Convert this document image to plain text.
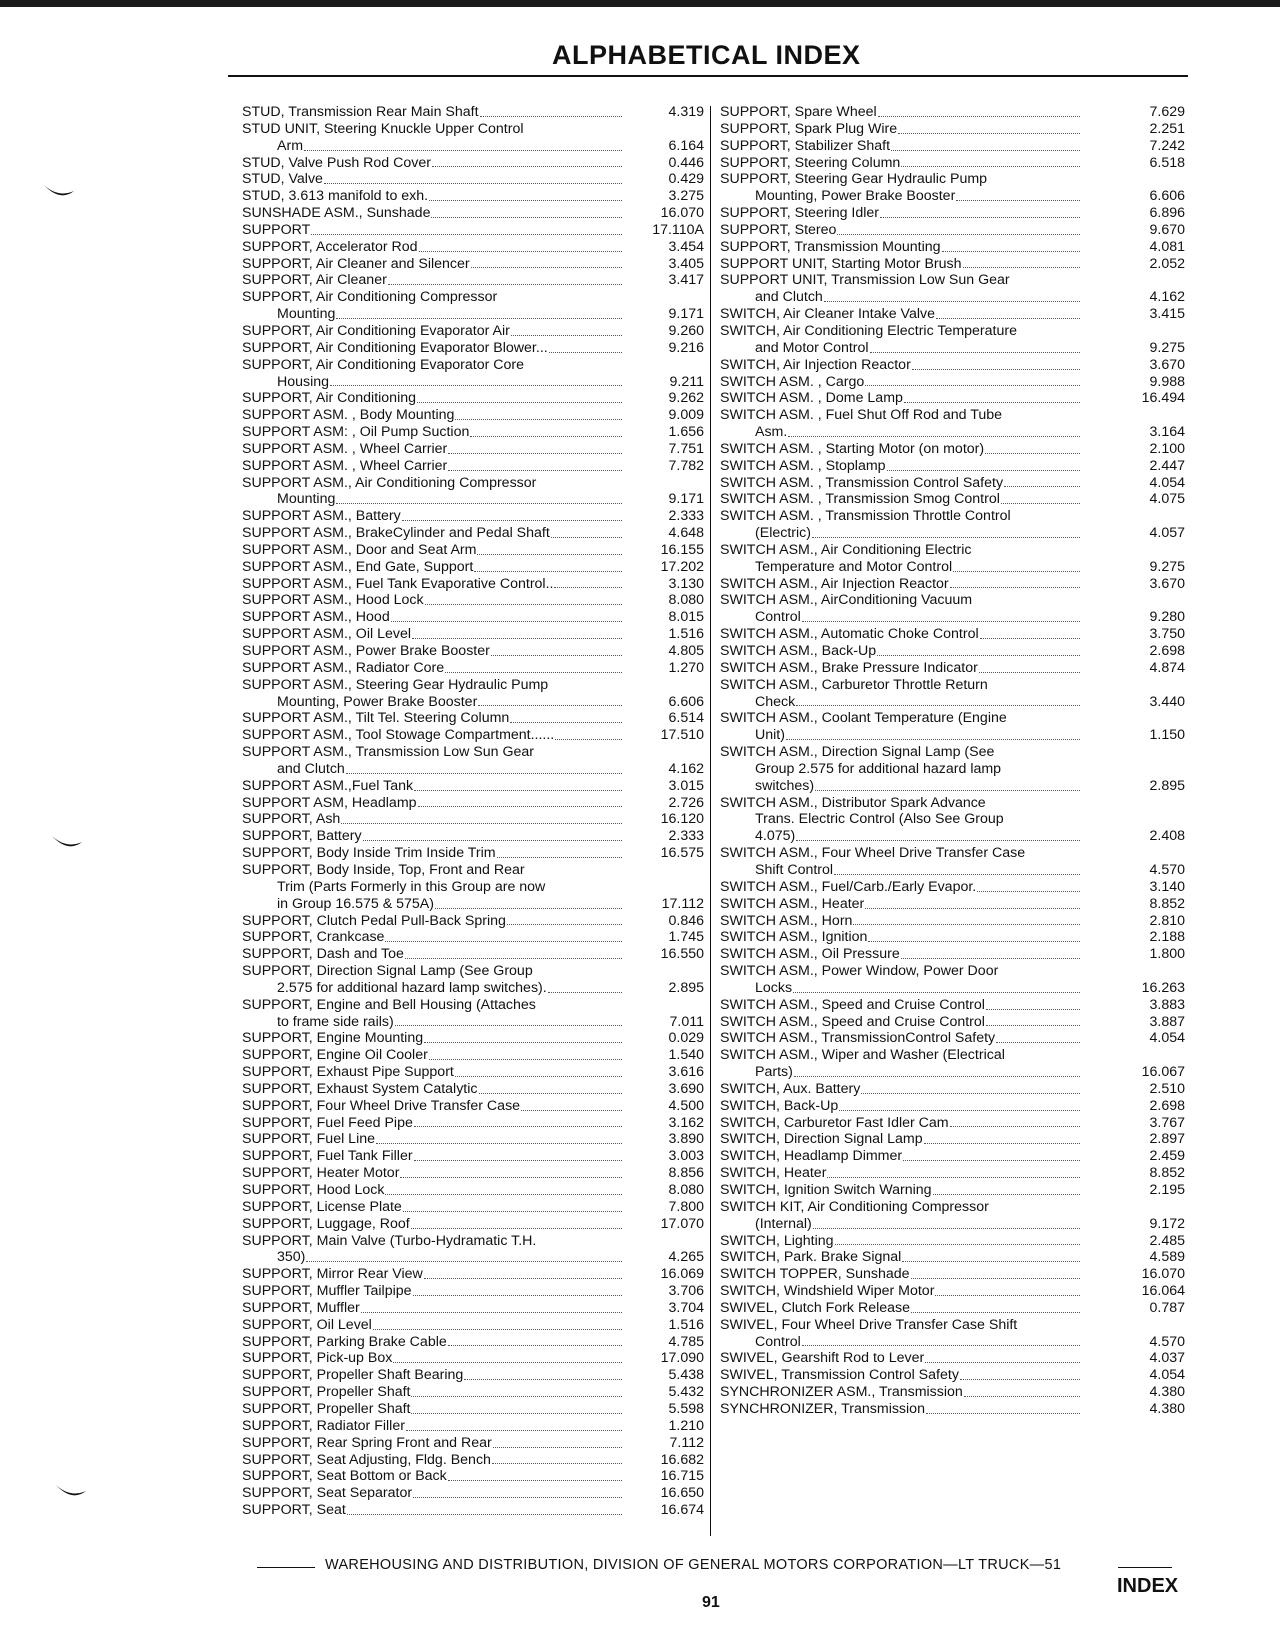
ALPHABETICAL INDEX
STUD, Transmission Rear Main Shaft	4.319
STUD UNIT, Steering Knuckle Upper Control
Arm	6.164
STUD, Valve Push Rod Cover	0.446
STUD, Valve	0.429
STUD, 3.613 manifold to exh.	3.275
SUNSHADE ASM., Sunshade	16.070
SUPPORT	17.110A
SUPPORT, Accelerator Rod	3.454
SUPPORT, Air Cleaner and Silencer	3.405
SUPPORT, Air Cleaner	3.417
SUPPORT, Air Conditioning Compressor
Mounting	9.171
SUPPORT, Air Conditioning Evaporator Air	9.260
SUPPORT, Air Conditioning Evaporator Blower...	9.216
SUPPORT, Air Conditioning Evaporator Core
Housing	9.211
SUPPORT, Air Conditioning	9.262
SUPPORT ASM. , Body Mounting	9.009
SUPPORT ASM: , Oil Pump Suction	1.656
SUPPORT ASM. , Wheel Carrier	7.751
SUPPORT ASM. , Wheel Carrier	7.782
SUPPORT ASM., Air Conditioning Compressor
Mounting	9.171
SUPPORT ASM., Battery	2.333
SUPPORT ASM., BrakeCylinder and Pedal Shaft	4.648
SUPPORT ASM., Door and Seat Arm	16.155
SUPPORT ASM., End Gate, Support	17.202
SUPPORT ASM., Fuel Tank Evaporative Control..	3.130
SUPPORT ASM., Hood Lock	8.080
SUPPORT ASM., Hood	8.015
SUPPORT ASM., Oil Level	1.516
SUPPORT ASM., Power Brake Booster	4.805
SUPPORT ASM., Radiator Core	1.270
SUPPORT ASM., Steering Gear Hydraulic Pump
Mounting, Power Brake Booster	6.606
SUPPORT ASM., Tilt Tel. Steering Column	6.514
SUPPORT ASM., Tool Stowage Compartment......	17.510
SUPPORT ASM., Transmission Low Sun Gear
and Clutch	4.162
SUPPORT ASM.,Fuel Tank	3.015
SUPPORT ASM, Headlamp	2.726
SUPPORT, Ash	16.120
SUPPORT, Battery	2.333
SUPPORT, Body Inside Trim Inside Trim	16.575
SUPPORT, Body Inside, Top, Front and Rear
Trim (Parts Formerly in this Group are now
in Group 16.575 & 575A)	17.112
SUPPORT, Clutch Pedal Pull-Back Spring	0.846
SUPPORT, Crankcase	1.745
SUPPORT, Dash and Toe	16.550
SUPPORT, Direction Signal Lamp (See Group
2.575 for additional hazard lamp switches).	2.895
SUPPORT, Engine and Bell Housing (Attaches
to frame side rails)	7.011
SUPPORT, Engine Mounting	0.029
SUPPORT, Engine Oil Cooler	1.540
SUPPORT, Exhaust Pipe Support	3.616
SUPPORT, Exhaust System Catalytic	3.690
SUPPORT, Four Wheel Drive Transfer Case	4.500
SUPPORT, Fuel Feed Pipe	3.162
SUPPORT, Fuel Line	3.890
SUPPORT, Fuel Tank Filler	3.003
SUPPORT, Heater Motor	8.856
SUPPORT, Hood Lock	8.080
SUPPORT, License Plate	7.800
SUPPORT, Luggage, Roof	17.070
SUPPORT, Main Valve (Turbo-Hydramatic T.H.
350)	4.265
SUPPORT, Mirror Rear View	16.069
SUPPORT, Muffler Tailpipe	3.706
SUPPORT, Muffler	3.704
SUPPORT, Oil Level	1.516
SUPPORT, Parking Brake Cable	4.785
SUPPORT, Pick-up Box	17.090
SUPPORT, Propeller Shaft Bearing	5.438
SUPPORT, Propeller Shaft	5.432
SUPPORT, Propeller Shaft	5.598
SUPPORT, Radiator Filler	1.210
SUPPORT, Rear Spring Front and Rear	7.112
SUPPORT, Seat Adjusting, Fldg. Bench	16.682
SUPPORT, Seat Bottom or Back	16.715
SUPPORT, Seat Separator	16.650
SUPPORT, Seat	16.674
SUPPORT, Spare Wheel	7.629
SUPPORT, Spark Plug Wire	2.251
SUPPORT, Stabilizer Shaft	7.242
SUPPORT, Steering Column	6.518
SUPPORT, Steering Gear Hydraulic Pump
Mounting, Power Brake Booster	6.606
SUPPORT, Steering Idler	6.896
SUPPORT, Stereo	9.670
SUPPORT, Transmission Mounting	4.081
SUPPORT UNIT, Starting Motor Brush	2.052
SUPPORT UNIT, Transmission Low Sun Gear
and Clutch	4.162
SWITCH, Air Cleaner Intake Valve	3.415
SWITCH, Air Conditioning Electric Temperature
and Motor Control	9.275
SWITCH, Air Injection Reactor	3.670
SWITCH ASM. , Cargo	9.988
SWITCH ASM. , Dome Lamp	16.494
SWITCH ASM. , Fuel Shut Off Rod and Tube
Asm.	3.164
SWITCH ASM. , Starting Motor (on motor)	2.100
SWITCH ASM. , Stoplamp	2.447
SWITCH ASM. , Transmission Control Safety	4.054
SWITCH ASM. , Transmission Smog Control	4.075
SWITCH ASM. , Transmission Throttle Control
(Electric)	4.057
SWITCH ASM., Air Conditioning Electric
Temperature and Motor Control	9.275
SWITCH ASM., Air Injection Reactor	3.670
SWITCH ASM., AirConditioning Vacuum
Control	9.280
SWITCH ASM., Automatic Choke Control	3.750
SWITCH ASM., Back-Up	2.698
SWITCH ASM., Brake Pressure Indicator	4.874
SWITCH ASM., Carburetor Throttle Return
Check	3.440
SWITCH ASM., Coolant Temperature (Engine
Unit)	1.150
SWITCH ASM., Direction Signal Lamp (See
Group 2.575 for additional hazard lamp
switches)	2.895
SWITCH ASM., Distributor Spark Advance
Trans. Electric Control (Also See Group
4.075)	2.408
SWITCH ASM., Four Wheel Drive Transfer Case
Shift Control	4.570
SWITCH ASM., Fuel/Carb./Early Evapor.	3.140
SWITCH ASM., Heater	8.852
SWITCH ASM., Horn	2.810
SWITCH ASM., Ignition	2.188
SWITCH ASM., Oil Pressure	1.800
SWITCH ASM., Power Window, Power Door
Locks	16.263
SWITCH ASM., Speed and Cruise Control	3.883
SWITCH ASM., Speed and Cruise Control	3.887
SWITCH ASM., TransmissionControl Safety	4.054
SWITCH ASM., Wiper and Washer (Electrical
Parts)	16.067
SWITCH, Aux. Battery	2.510
SWITCH, Back-Up	2.698
SWITCH, Carburetor Fast Idler Cam	3.767
SWITCH, Direction Signal Lamp	2.897
SWITCH, Headlamp Dimmer	2.459
SWITCH, Heater	8.852
SWITCH, Ignition Switch Warning	2.195
SWITCH KIT, Air Conditioning Compressor
(Internal)	9.172
SWITCH, Lighting	2.485
SWITCH, Park. Brake Signal	4.589
SWITCH TOPPER, Sunshade	16.070
SWITCH, Windshield Wiper Motor	16.064
SWIVEL, Clutch Fork Release	0.787
SWIVEL, Four Wheel Drive Transfer Case Shift
Control	4.570
SWIVEL, Gearshift Rod to Lever	4.037
SWIVEL, Transmission Control Safety	4.054
SYNCHRONIZER ASM., Transmission	4.380
SYNCHRONIZER, Transmission	4.380
WAREHOUSING AND DISTRIBUTION, DIVISION OF GENERAL MOTORS CORPORATION—LT TRUCK—51
91
INDEX
